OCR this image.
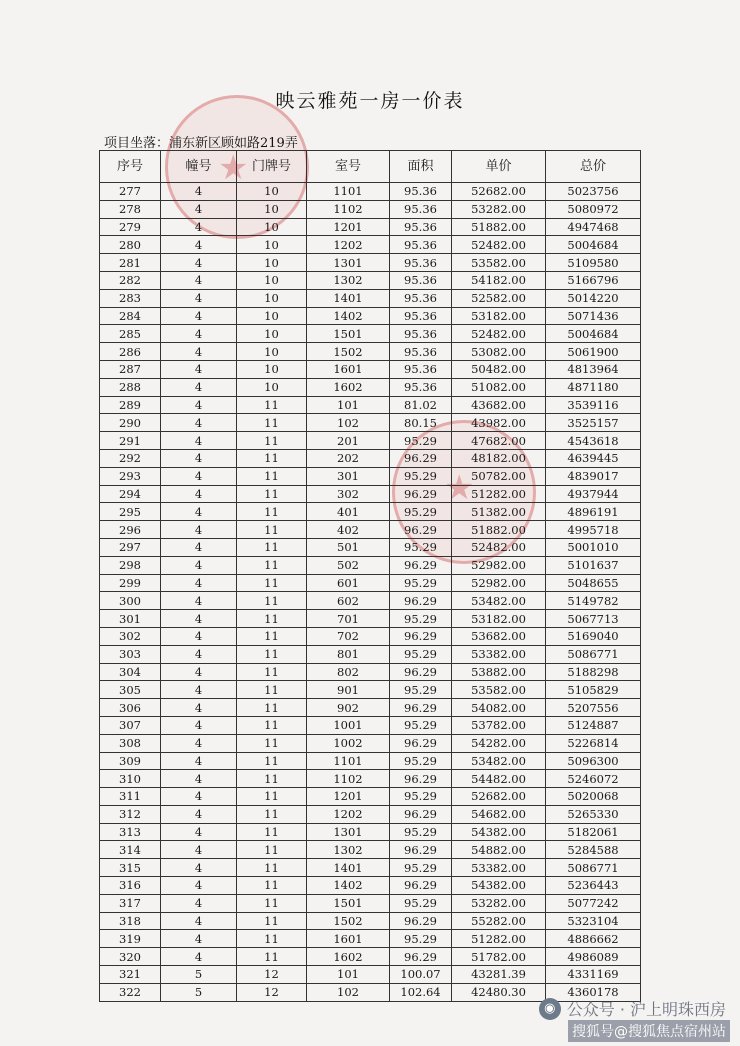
★
★
映云雅苑一房一价表
项目坐落：浦东新区顾如路219弄
序号	幢号	门牌号	室号	面积	单价	总价
277	4	10	1101	95.36	52682.00	5023756
278	4	10	1102	95.36	53282.00	5080972
279	4	10	1201	95.36	51882.00	4947468
280	4	10	1202	95.36	52482.00	5004684
281	4	10	1301	95.36	53582.00	5109580
282	4	10	1302	95.36	54182.00	5166796
283	4	10	1401	95.36	52582.00	5014220
284	4	10	1402	95.36	53182.00	5071436
285	4	10	1501	95.36	52482.00	5004684
286	4	10	1502	95.36	53082.00	5061900
287	4	10	1601	95.36	50482.00	4813964
288	4	10	1602	95.36	51082.00	4871180
289	4	11	101	81.02	43682.00	3539116
290	4	11	102	80.15	43982.00	3525157
291	4	11	201	95.29	47682.00	4543618
292	4	11	202	96.29	48182.00	4639445
293	4	11	301	95.29	50782.00	4839017
294	4	11	302	96.29	51282.00	4937944
295	4	11	401	95.29	51382.00	4896191
296	4	11	402	96.29	51882.00	4995718
297	4	11	501	95.29	52482.00	5001010
298	4	11	502	96.29	52982.00	5101637
299	4	11	601	95.29	52982.00	5048655
300	4	11	602	96.29	53482.00	5149782
301	4	11	701	95.29	53182.00	5067713
302	4	11	702	96.29	53682.00	5169040
303	4	11	801	95.29	53382.00	5086771
304	4	11	802	96.29	53882.00	5188298
305	4	11	901	95.29	53582.00	5105829
306	4	11	902	96.29	54082.00	5207556
307	4	11	1001	95.29	53782.00	5124887
308	4	11	1002	96.29	54282.00	5226814
309	4	11	1101	95.29	53482.00	5096300
310	4	11	1102	96.29	54482.00	5246072
311	4	11	1201	95.29	52682.00	5020068
312	4	11	1202	96.29	54682.00	5265330
313	4	11	1301	95.29	54382.00	5182061
314	4	11	1302	96.29	54882.00	5284588
315	4	11	1401	95.29	53382.00	5086771
316	4	11	1402	96.29	54382.00	5236443
317	4	11	1501	95.29	53282.00	5077242
318	4	11	1502	96.29	55282.00	5323104
319	4	11	1601	95.29	51282.00	4886662
320	4	11	1602	96.29	51782.00	4986089
321	5	12	101	100.07	43281.39	4331169
322	5	12	102	102.64	42480.30	4360178
◉ 公众号 · 沪上明珠西房
搜狐号@搜狐焦点宿州站
